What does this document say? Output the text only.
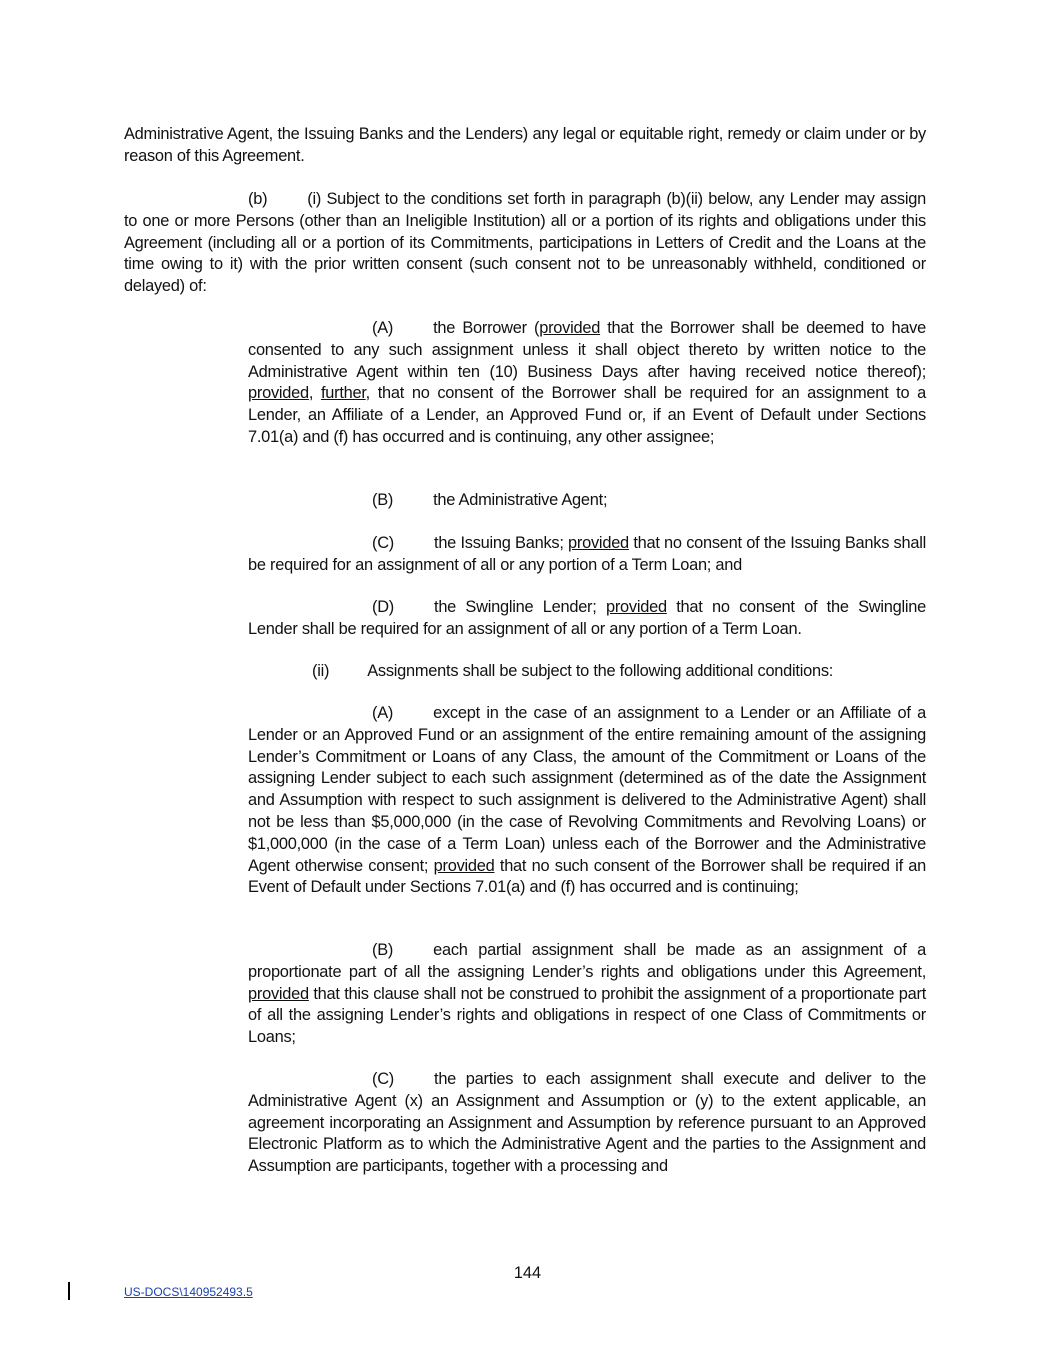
Administrative Agent, the Issuing Banks and the Lenders) any legal or equitable right, remedy or claim under or by reason of this Agreement.

(b) (i) Subject to the conditions set forth in paragraph (b)(ii) below, any Lender may assign to one or more Persons (other than an Ineligible Institution) all or a portion of its rights and obligations under this Agreement (including all or a portion of its Commitments, participations in Letters of Credit and the Loans at the time owing to it) with the prior written consent (such consent not to be unreasonably withheld, conditioned or delayed) of:

(A) the Borrower (provided that the Borrower shall be deemed to have consented to any such assignment unless it shall object thereto by written notice to the Administrative Agent within ten (10) Business Days after having received notice thereof); provided, further, that no consent of the Borrower shall be required for an assignment to a Lender, an Affiliate of a Lender, an Approved Fund or, if an Event of Default under Sections 7.01(a) and (f) has occurred and is continuing, any other assignee;

(B) the Administrative Agent;

(C) the Issuing Banks; provided that no consent of the Issuing Banks shall be required for an assignment of all or any portion of a Term Loan; and

(D) the Swingline Lender; provided that no consent of the Swingline Lender shall be required for an assignment of all or any portion of a Term Loan.

(ii) Assignments shall be subject to the following additional conditions:

(A) except in the case of an assignment to a Lender or an Affiliate of a Lender or an Approved Fund or an assignment of the entire remaining amount of the assigning Lender’s Commitment or Loans of any Class, the amount of the Commitment or Loans of the assigning Lender subject to each such assignment (determined as of the date the Assignment and Assumption with respect to such assignment is delivered to the Administrative Agent) shall not be less than $5,000,000 (in the case of Revolving Commitments and Revolving Loans) or $1,000,000 (in the case of a Term Loan) unless each of the Borrower and the Administrative Agent otherwise consent; provided that no such consent of the Borrower shall be required if an Event of Default under Sections 7.01(a) and (f) has occurred and is continuing;

(B) each partial assignment shall be made as an assignment of a proportionate part of all the assigning Lender’s rights and obligations under this Agreement, provided that this clause shall not be construed to prohibit the assignment of a proportionate part of all the assigning Lender’s rights and obligations in respect of one Class of Commitments or Loans;

(C) the parties to each assignment shall execute and deliver to the Administrative Agent (x) an Assignment and Assumption or (y) to the extent applicable, an agreement incorporating an Assignment and Assumption by reference pursuant to an Approved Electronic Platform as to which the Administrative Agent and the parties to the Assignment and Assumption are participants, together with a processing and

144
US-DOCS\140952493.5
